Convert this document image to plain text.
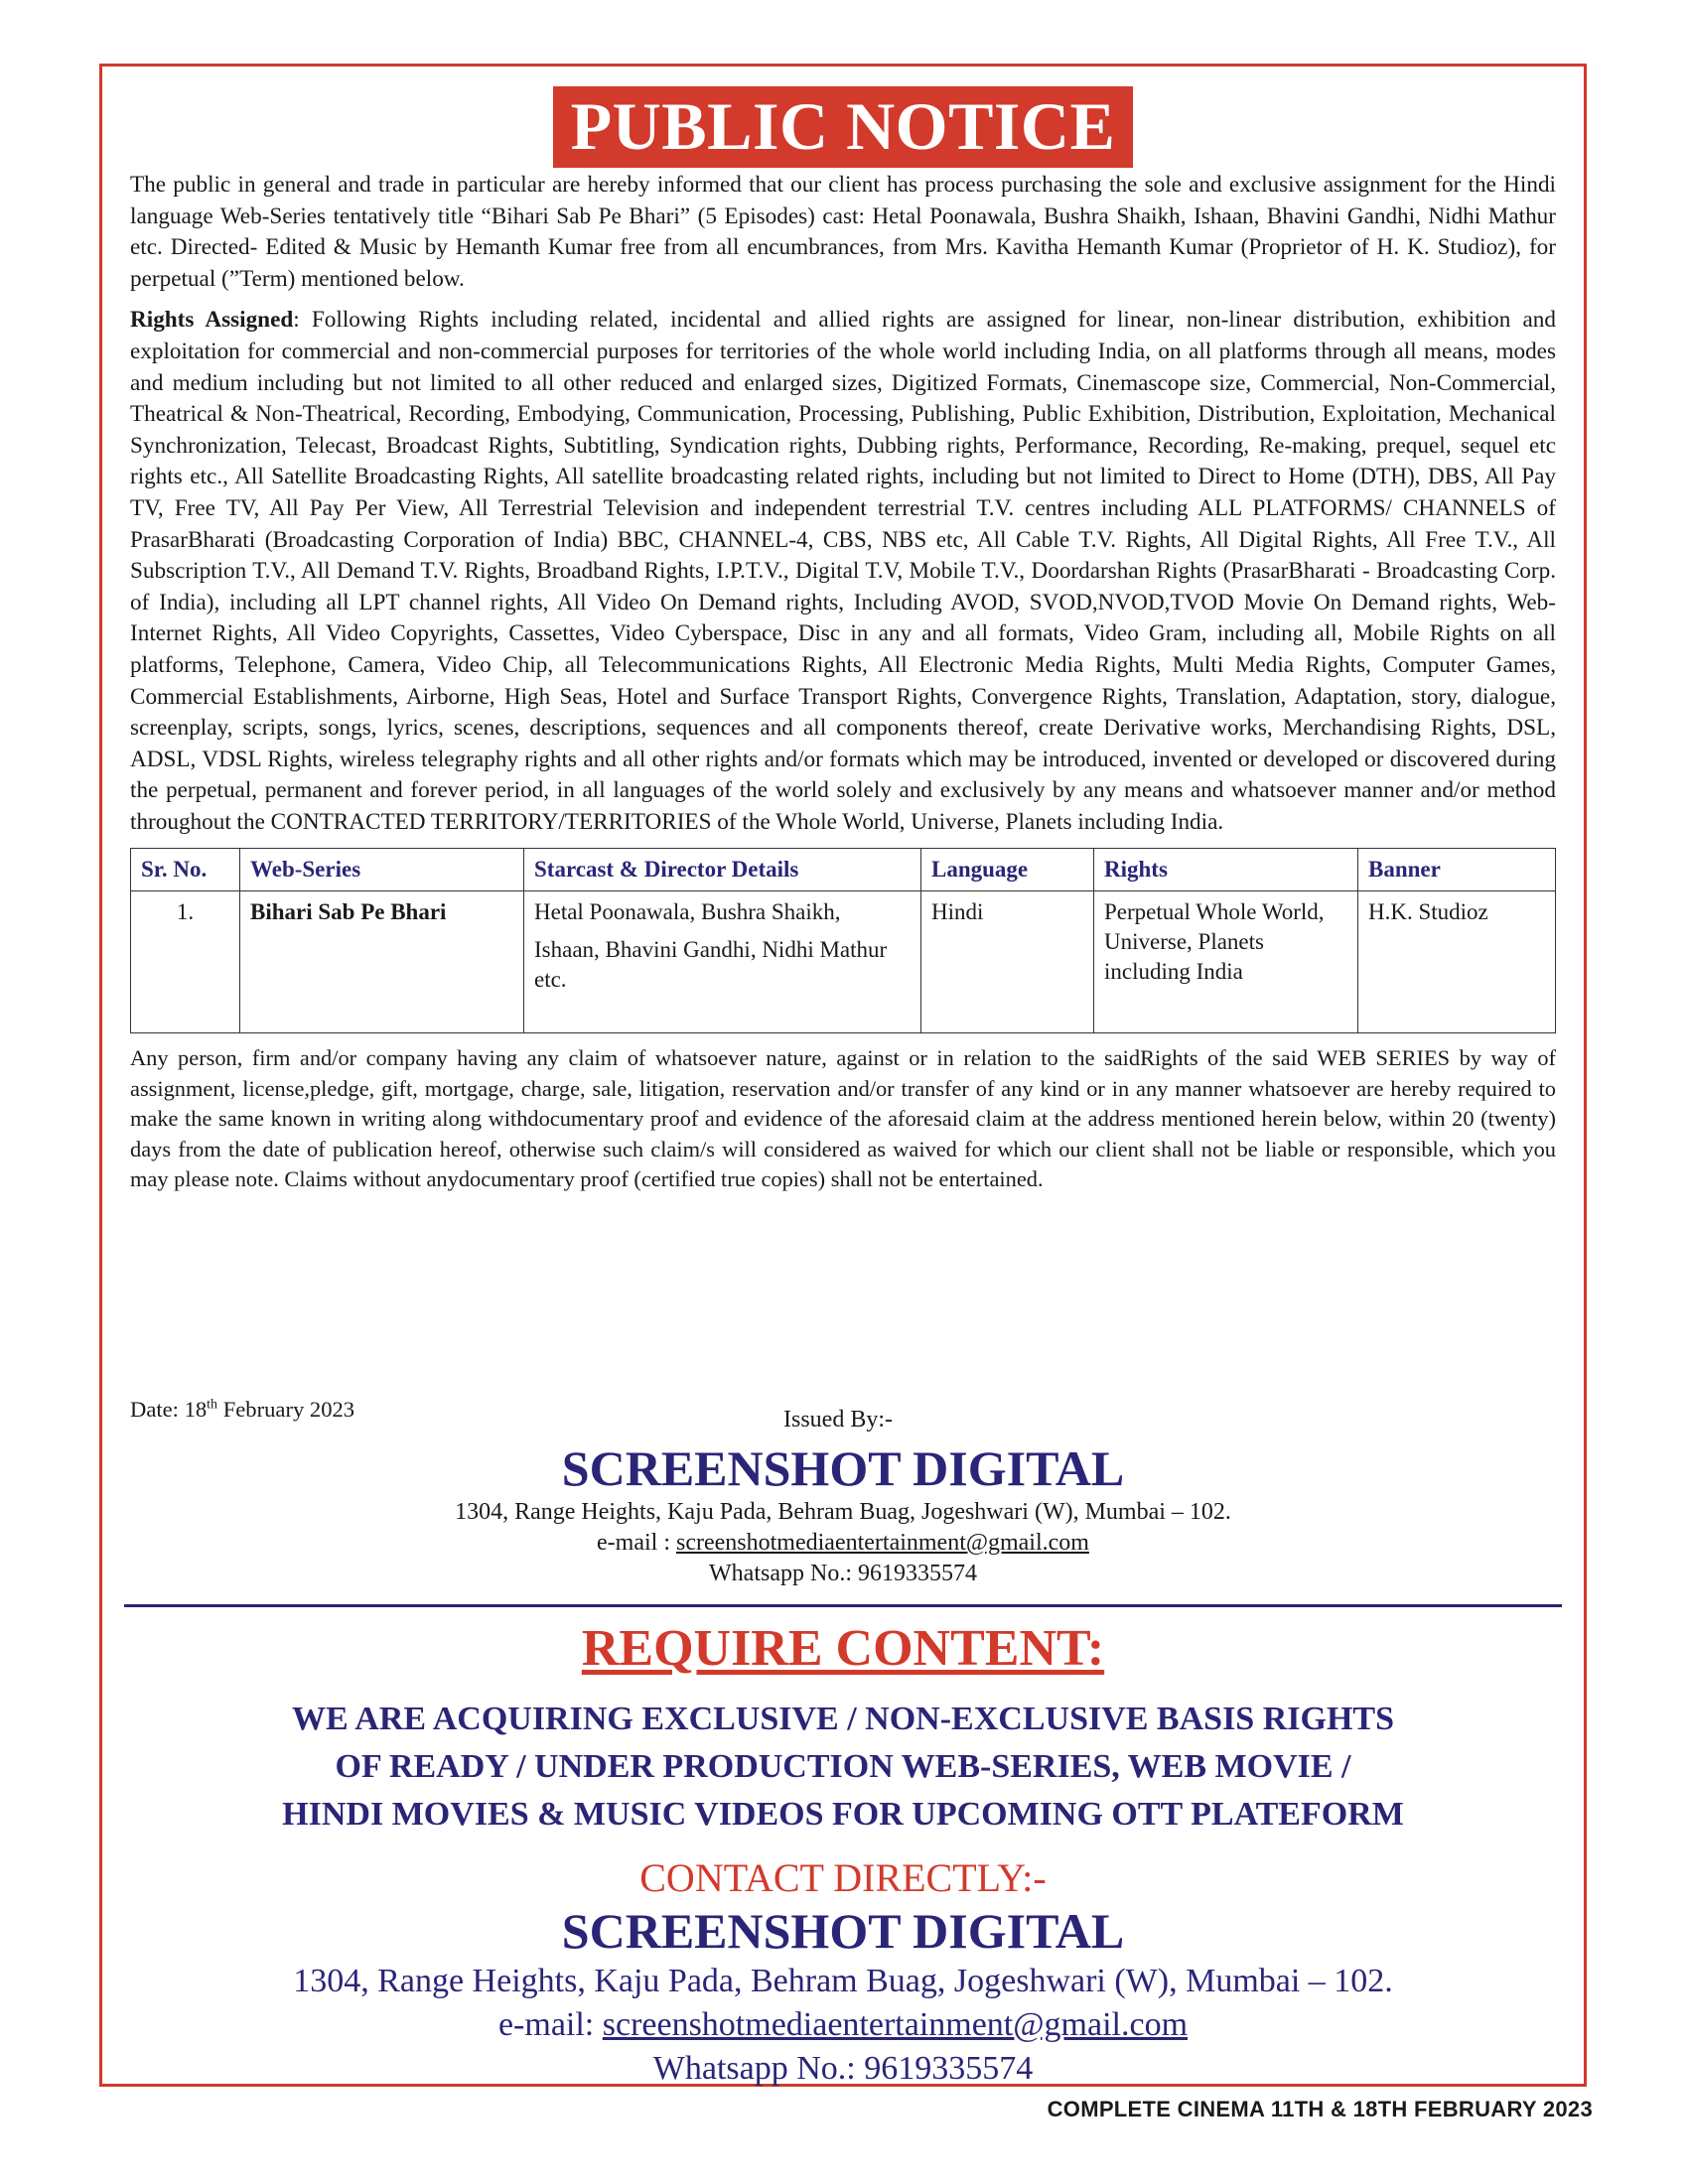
PUBLIC NOTICE

The public in general and trade in particular are hereby informed that our client has process purchasing the sole and exclusive assignment for the Hindi language Web-Series tentatively title “Bihari Sab Pe Bhari” (5 Episodes) cast: Hetal Poonawala, Bushra Shaikh, Ishaan, Bhavini Gandhi, Nidhi Mathur etc. Directed- Edited & Music by Hemanth Kumar free from all encumbrances, from Mrs. Kavitha Hemanth Kumar (Proprietor of H. K. Studioz), for perpetual (”Term) mentioned below.

Rights Assigned: Following Rights including related, incidental and allied rights are assigned for linear, non-linear distribution, exhibition and exploitation for commercial and non-commercial purposes for territories of the whole world including India, on all platforms through all means, modes and medium including but not limited to all other reduced and enlarged sizes, Digitized Formats, Cinemascope size, Commercial, Non-Commercial, Theatrical & Non-Theatrical, Recording, Embodying, Communication, Processing, Publishing, Public Exhibition, Distribution, Exploitation, Mechanical Synchronization, Telecast, Broadcast Rights, Subtitling, Syndication rights, Dubbing rights, Performance, Recording, Re-making, prequel, sequel etc rights etc., All Satellite Broadcasting Rights, All satellite broadcasting related rights, including but not limited to Direct to Home (DTH), DBS, All Pay TV, Free TV, All Pay Per View, All Terrestrial Television and independent terrestrial T.V. centres including ALL PLATFORMS/ CHANNELS of PrasarBharati (Broadcasting Corporation of India) BBC, CHANNEL-4, CBS, NBS etc, All Cable T.V. Rights, All Digital Rights, All Free T.V., All Subscription T.V., All Demand T.V. Rights, Broadband Rights, I.P.T.V., Digital T.V, Mobile T.V., Doordarshan Rights (PrasarBharati - Broadcasting Corp. of India), including all LPT channel rights, All Video On Demand rights, Including AVOD, SVOD,NVOD,TVOD Movie On Demand rights, Web- Internet Rights, All Video Copyrights, Cassettes, Video Cyberspace, Disc in any and all formats, Video Gram, including all, Mobile Rights on all platforms, Telephone, Camera, Video Chip, all Telecommunications Rights, All Electronic Media Rights, Multi Media Rights, Computer Games, Commercial Establishments, Airborne, High Seas, Hotel and Surface Transport Rights, Convergence Rights, Translation, Adaptation, story, dialogue, screenplay, scripts, songs, lyrics, scenes, descriptions, sequences and all components thereof, create Derivative works, Merchandising Rights, DSL, ADSL, VDSL Rights, wireless telegraphy rights and all other rights and/or formats which may be introduced, invented or developed or discovered during the perpetual, permanent and forever period, in all languages of the world solely and exclusively by any means and whatsoever manner and/or method throughout the CONTRACTED TERRITORY/TERRITORIES of the Whole World, Universe, Planets including India.

Sr. No.	Web-Series	Starcast & Director Details	Language	Rights	Banner
1.	Bihari Sab Pe Bhari	Hetal Poonawala, Bushra Shaikh,
Ishaan, Bhavini Gandhi, Nidhi Mathur etc.	Hindi	Perpetual Whole World, Universe, Planets including India	H.K. Studioz

Any person, firm and/or company having any claim of whatsoever nature, against or in relation to the saidRights of the said WEB SERIES by way of assignment, license,pledge, gift, mortgage, charge, sale, litigation, reservation and/or transfer of any kind or in any manner whatsoever are hereby required to make the same known in writing along withdocumentary proof and evidence of the aforesaid claim at the address mentioned herein below, within 20 (twenty) days from the date of publication hereof, otherwise such claim/s will considered as waived for which our client shall not be liable or responsible, which you may please note. Claims without anydocumentary proof (certified true copies) shall not be entertained.

Date: 18th February 2023	Issued By:-
SCREENSHOT DIGITAL
1304, Range Heights, Kaju Pada, Behram Buag, Jogeshwari (W), Mumbai – 102.
e-mail : screenshotmediaentertainment@gmail.com
Whatsapp No.: 9619335574
REQUIRE CONTENT:
WE ARE ACQUIRING EXCLUSIVE / NON-EXCLUSIVE BASIS RIGHTS
OF READY / UNDER PRODUCTION WEB-SERIES, WEB MOVIE /
HINDI MOVIES & MUSIC VIDEOS FOR UPCOMING OTT PLATEFORM
CONTACT DIRECTLY:-
SCREENSHOT DIGITAL
1304, Range Heights, Kaju Pada, Behram Buag, Jogeshwari (W), Mumbai – 102.
e-mail: screenshotmediaentertainment@gmail.com
Whatsapp No.: 9619335574
COMPLETE CINEMA 11TH & 18TH FEBRUARY 2023
